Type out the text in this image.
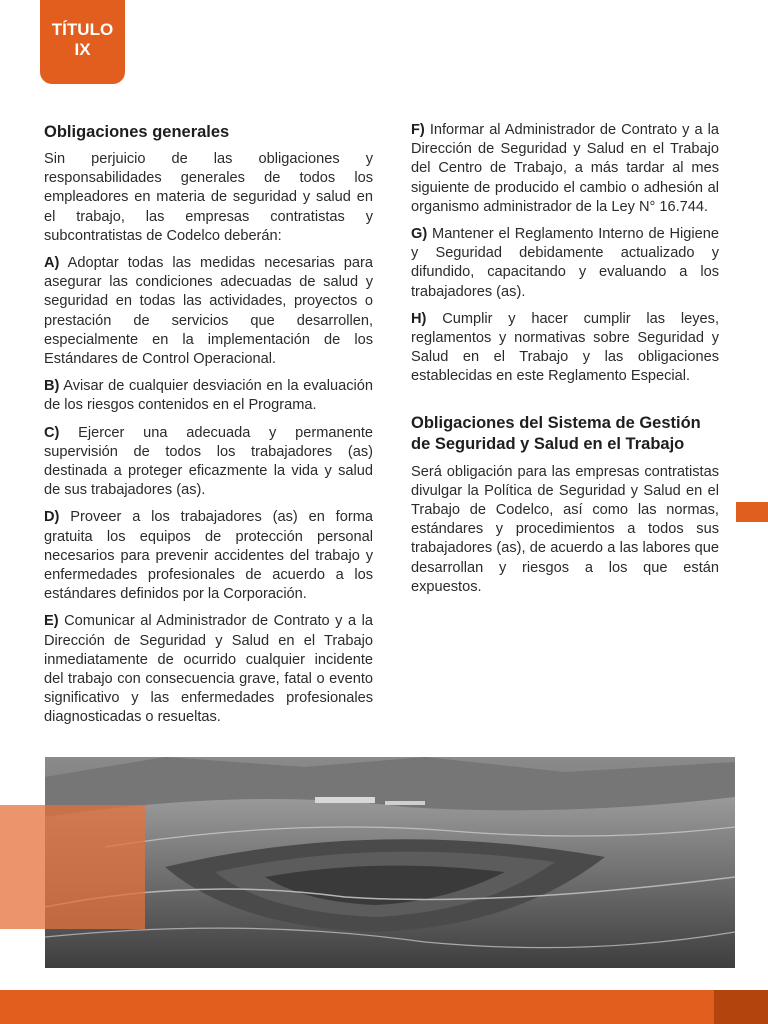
TÍTULO
IX
Obligaciones generales

Sin perjuicio de las obligaciones y responsabilidades generales de todos los empleadores en materia de seguridad y salud en el trabajo, las empresas contratistas y subcontratistas de Codelco deberán:

A) Adoptar todas las medidas necesarias para asegurar las condiciones adecuadas de salud y seguridad en todas las actividades, proyectos o prestación de servicios que desarrollen, especialmente en la implementación de los Estándares de Control Operacional.

B) Avisar de cualquier desviación en la evaluación de los riesgos contenidos en el Programa.

C) Ejercer una adecuada y permanente supervisión de todos los trabajadores (as) destinada a proteger eficazmente la vida y salud de sus trabajadores (as).

D) Proveer a los trabajadores (as) en forma gratuita los equipos de protección personal necesarios para prevenir accidentes del trabajo y enfermedades profesionales de acuerdo a los estándares definidos por la Corporación.

E) Comunicar al Administrador de Contrato y a la Dirección de Seguridad y Salud en el Trabajo inmediatamente de ocurrido cualquier incidente del trabajo con consecuencia grave, fatal o evento significativo y las enfermedades profesionales diagnosticadas o resueltas.

F) Informar al Administrador de Contrato y a la Dirección de Seguridad y Salud en el Trabajo del Centro de Trabajo, a más tardar al mes siguiente de producido el cambio o adhesión al organismo administrador de la Ley N° 16.744.

G) Mantener el Reglamento Interno de Higiene y Seguridad debidamente actualizado y difundido, capacitando y evaluando a los trabajadores (as).

H) Cumplir y hacer cumplir las leyes, reglamentos y normativas sobre Seguridad y Salud en el Trabajo y las obligaciones establecidas en este Reglamento Especial.

Obligaciones del Sistema de Gestión de Seguridad y Salud en el Trabajo

Será obligación para las empresas contratistas divulgar la Política de Seguridad y Salud en el Trabajo de Codelco, así como las normas, estándares y procedimientos a todos sus trabajadores (as), de acuerdo a las labores que desarrollan y riesgos a los que están expuestos.
